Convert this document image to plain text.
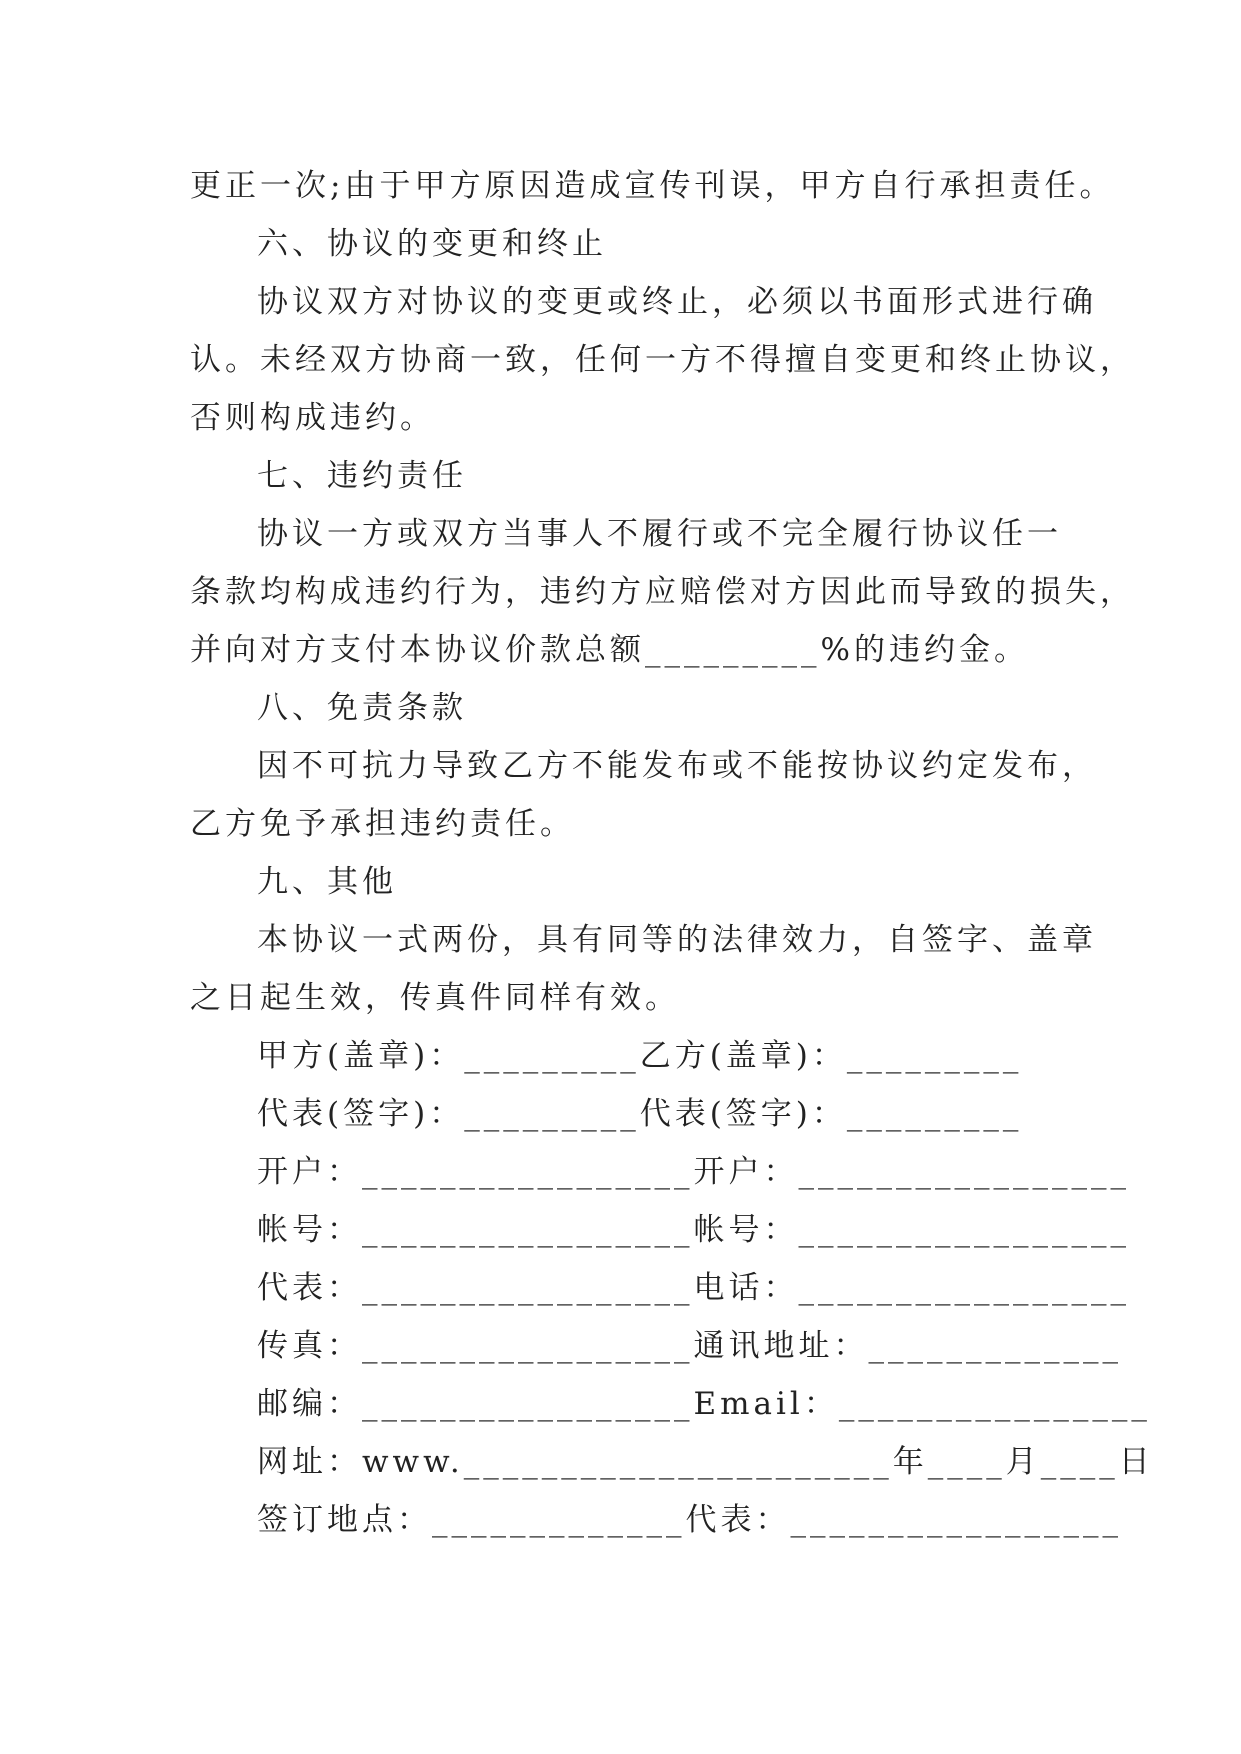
更正一次;由于甲方原因造成宣传刊误，甲方自行承担责任。
六、协议的变更和终止
协议双方对协议的变更或终止，必须以书面形式进行确
认。未经双方协商一致，任何一方不得擅自变更和终止协议，
否则构成违约。
七、违约责任
协议一方或双方当事人不履行或不完全履行协议任一
条款均构成违约行为，违约方应赔偿对方因此而导致的损失，
并向对方支付本协议价款总额_________%的违约金。
八、免责条款
因不可抗力导致乙方不能发布或不能按协议约定发布，
乙方免予承担违约责任。
九、其他
本协议一式两份，具有同等的法律效力，自签字、盖章
之日起生效，传真件同样有效。
甲方(盖章)：_________乙方(盖章)：_________
代表(签字)：_________代表(签字)：_________
开户：_________________开户：_________________
帐号：_________________帐号：_________________
代表：_________________电话：_________________
传真：_________________通讯地址：_____________
邮编：_________________Email：________________
网址：www.______________________年____月____日
签订地点：_____________代表：_________________
